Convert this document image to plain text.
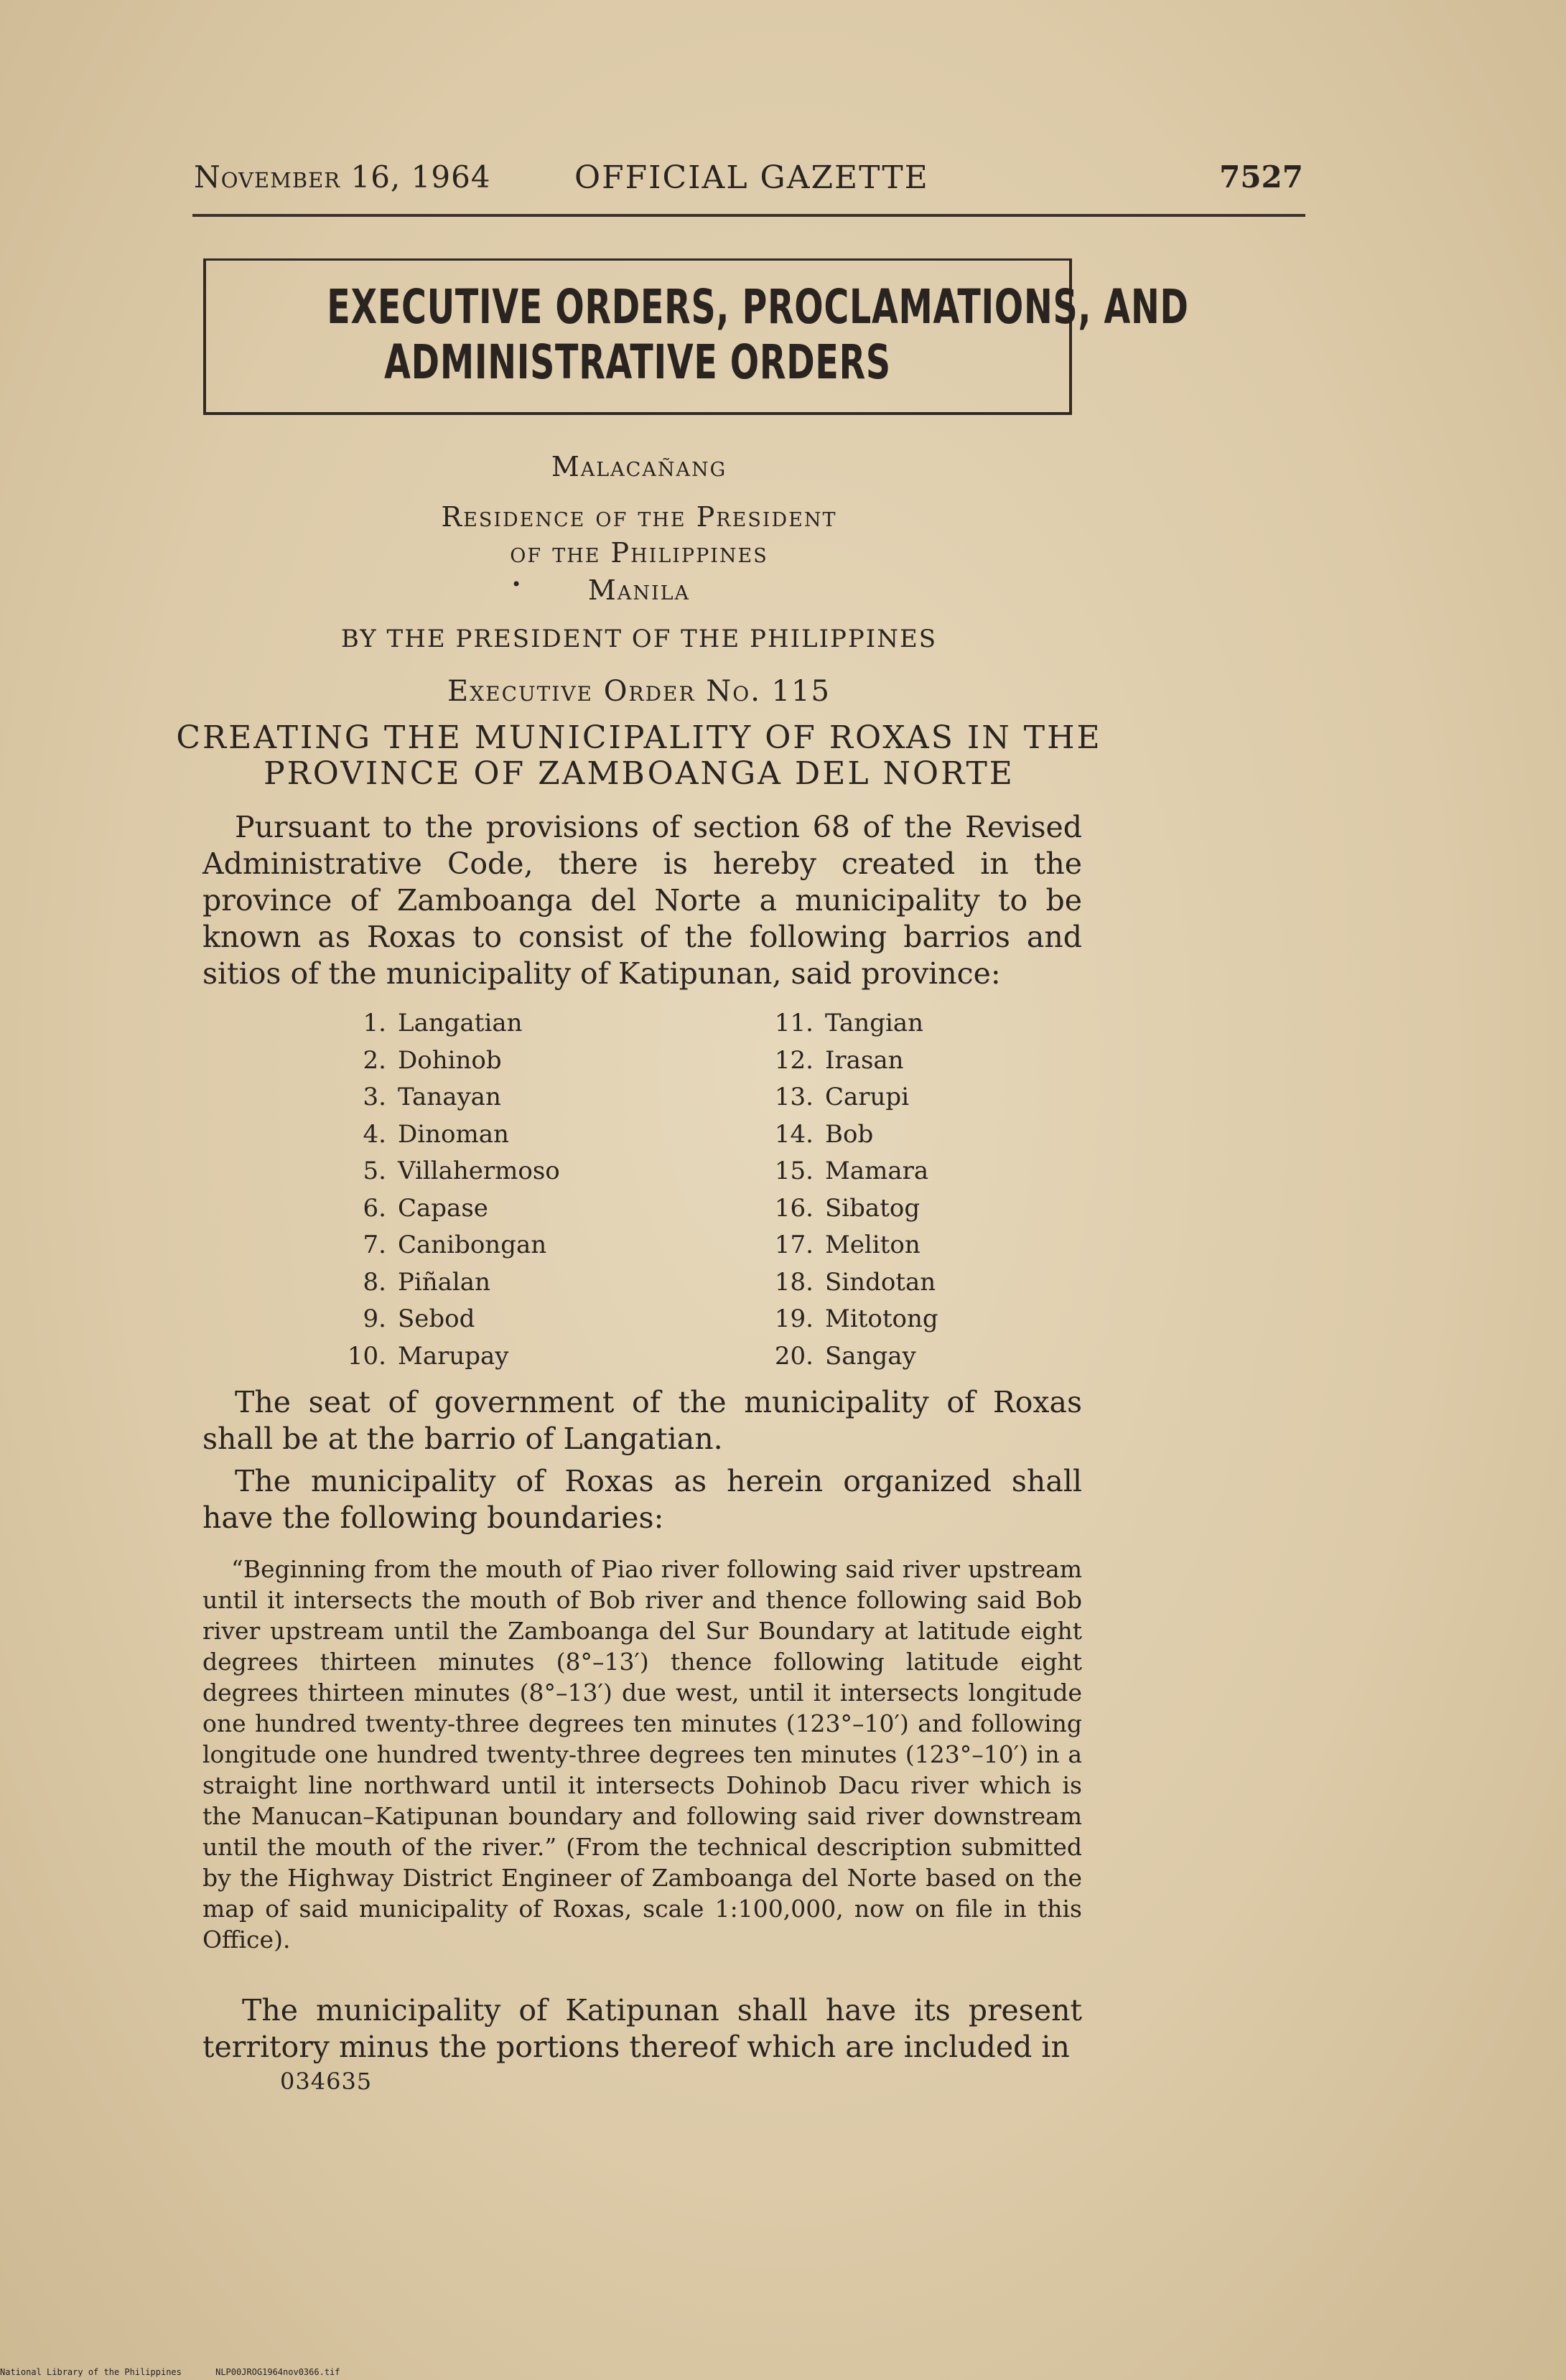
November 16, 1964	OFFICIAL GAZETTE	7527
EXECUTIVE ORDERS, PROCLAMATIONS, AND
ADMINISTRATIVE ORDERS
Malacañang
Residence of the President
of the Philippines
•	Manila
BY THE PRESIDENT OF THE PHILIPPINES
Executive Order No. 115
CREATING THE MUNICIPALITY OF ROXAS IN THE
PROVINCE OF ZAMBOANGA DEL NORTE
Pursuant to the provisions of section 68 of the Revised Administrative Code, there is hereby created in the province of Zamboanga del Norte a municipality to be known as Roxas to consist of the following barrios and sitios of the municipality of Katipunan, said province:
1. Langatian
2. Dohinob
3. Tanayan
4. Dinoman
5. Villahermoso
6. Capase
7. Canibongan
8. Piñalan
9. Sebod
10. Marupay
11. Tangian
12. Irasan
13. Carupi
14. Bob
15. Mamara
16. Sibatog
17. Meliton
18. Sindotan
19. Mitotong
20. Sangay
The seat of government of the municipality of Roxas shall be at the barrio of Langatian.
The municipality of Roxas as herein organized shall have the following boundaries:
“Beginning from the mouth of Piao river following said river upstream until it intersects the mouth of Bob river and thence following said Bob river upstream until the Zamboanga del Sur Boundary at latitude eight degrees thirteen minutes (8°–13′) thence following latitude eight degrees thirteen minutes (8°–13′) due west, until it intersects longitude one hundred twenty-three degrees ten minutes (123°–10′) and following longitude one hundred twenty-three degrees ten minutes (123°–10′) in a straight line northward until it intersects Dohinob Dacu river which is the Manucan–Katipunan boundary and following said river downstream until the mouth of the river.” (From the technical description submitted by the Highway District Engineer of Zamboanga del Norte based on the map of said municipality of Roxas, scale 1:100,000, now on file in this Office).
The municipality of Katipunan shall have its present territory minus the portions thereof which are included in
034635
National Library of the Philippines	NLP00JROG1964nov0366.tif
